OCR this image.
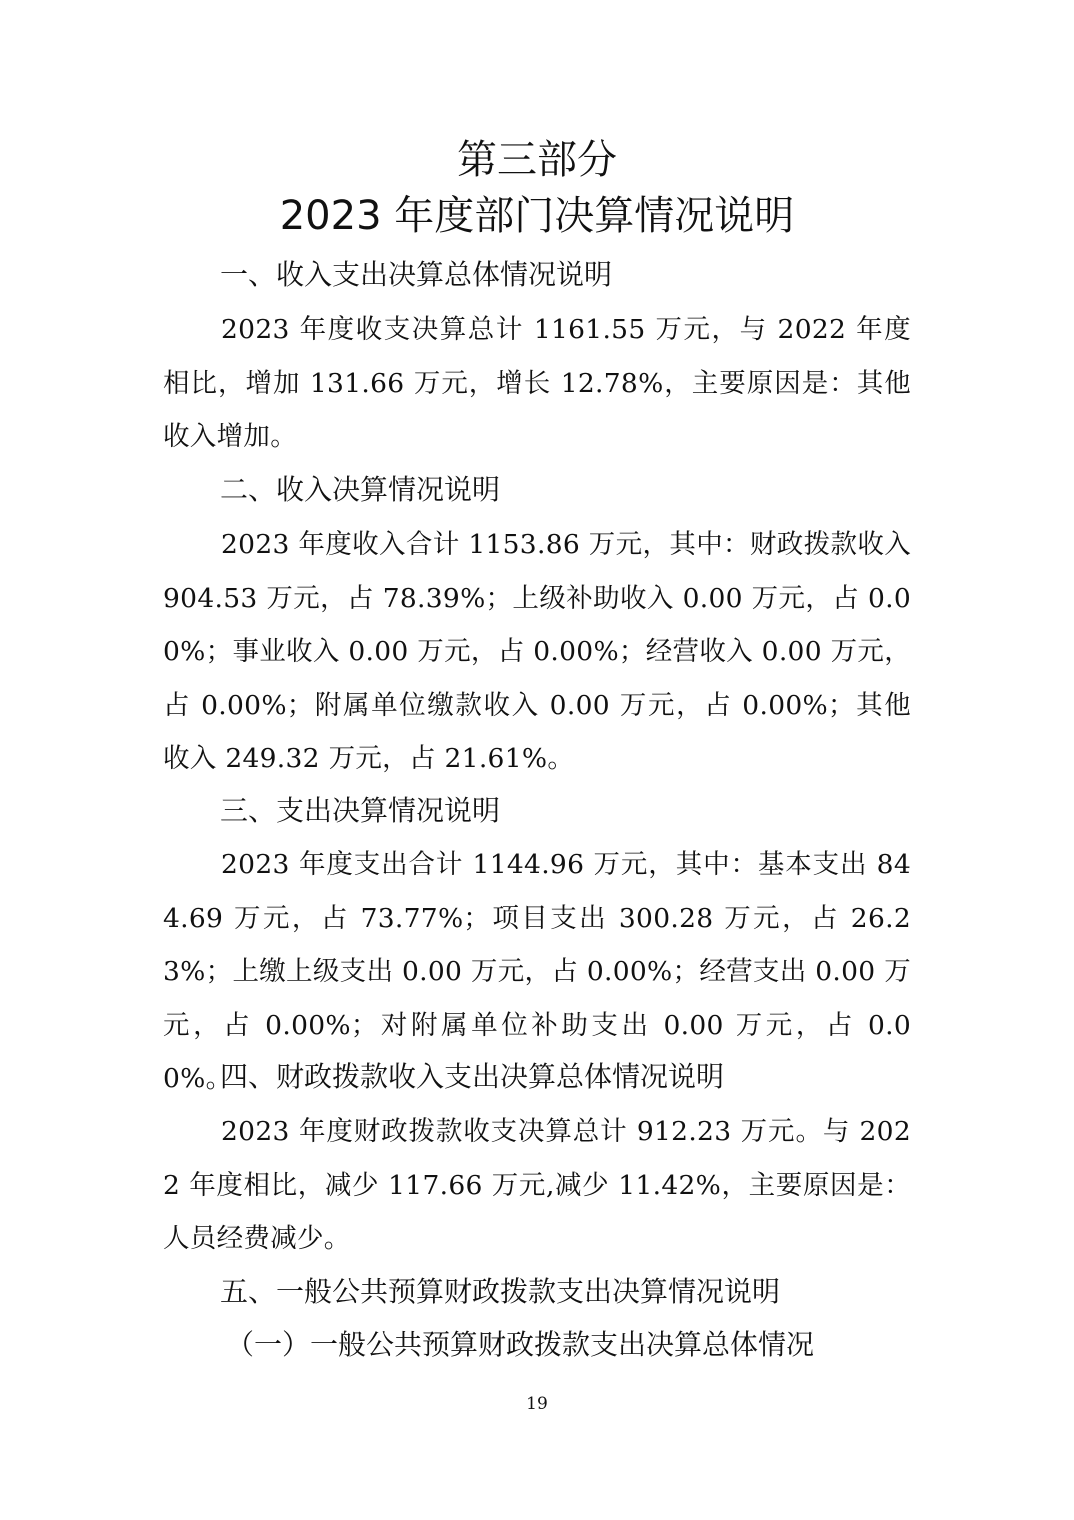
第三部分
2023 年度部门决算情况说明
一、收入支出决算总体情况说明
2023 年度收支决算总计 1161.55 万元，与 2022 年度相比，增加 131.66 万元，增长 12.78%，主要原因是：其他收入增加。
二、收入决算情况说明
2023 年度收入合计 1153.86 万元，其中：财政拨款收入 904.53 万元，占 78.39%；上级补助收入 0.00 万元，占 0.00%；事业收入 0.00 万元，占 0.00%；经营收入 0.00 万元，占 0.00%；附属单位缴款收入 0.00 万元，占 0.00%；其他收入 249.32 万元，占 21.61%。
三、支出决算情况说明
2023 年度支出合计 1144.96 万元，其中：基本支出 844.69 万元，占 73.77%；项目支出 300.28 万元，占 26.23%；上缴上级支出 0.00 万元，占 0.00%；经营支出 0.00 万元，占 0.00%；对附属单位补助支出 0.00 万元，占 0.00%。
四、财政拨款收入支出决算总体情况说明
2023 年度财政拨款收支决算总计 912.23 万元。与 2022 年度相比，减少 117.66 万元,减少 11.42%，主要原因是：人员经费减少。
五、一般公共预算财政拨款支出决算情况说明
（一）一般公共预算财政拨款支出决算总体情况
19
